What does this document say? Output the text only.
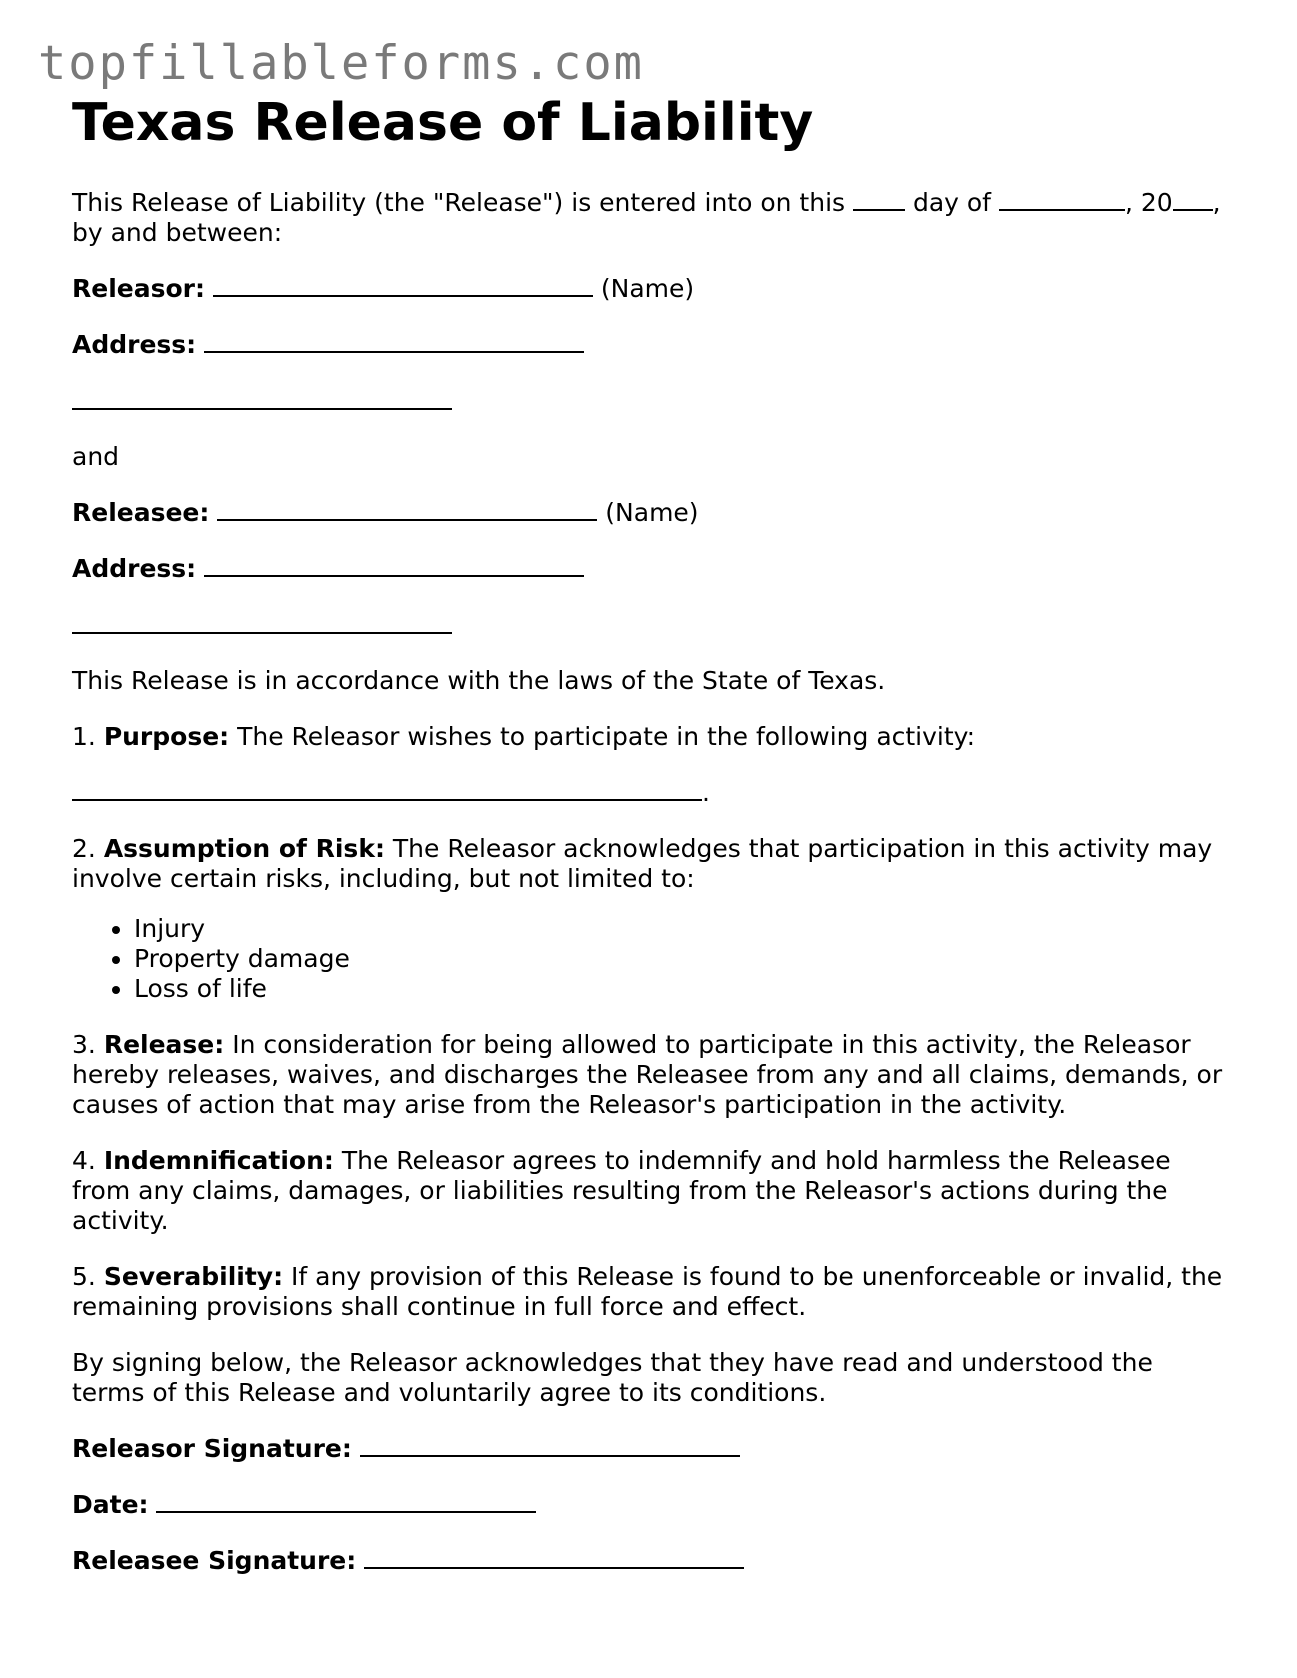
topfillableforms.com
Texas Release of Liability

This Release of Liability (the "Release") is entered into on this	day of	, 20 ,
by and between:

Releasor:	(Name)

Address:

and

Releasee:	(Name)

Address:

This Release is in accordance with the laws of the State of Texas.

1. Purpose: The Releasor wishes to participate in the following activity:

.

2. Assumption of Risk: The Releasor acknowledges that participation in this activity may involve certain risks, including, but not limited to:

• Injury
• Property damage
• Loss of life

3. Release: In consideration for being allowed to participate in this activity, the Releasor hereby releases, waives, and discharges the Releasee from any and all claims, demands, or causes of action that may arise from the Releasor's participation in the activity.

4. Indemnification: The Releasor agrees to indemnify and hold harmless the Releasee from any claims, damages, or liabilities resulting from the Releasor's actions during the activity.

5. Severability: If any provision of this Release is found to be unenforceable or invalid, the remaining provisions shall continue in full force and effect.

By signing below, the Releasor acknowledges that they have read and understood the terms of this Release and voluntarily agree to its conditions.

Releasor Signature:

Date:

Releasee Signature:
